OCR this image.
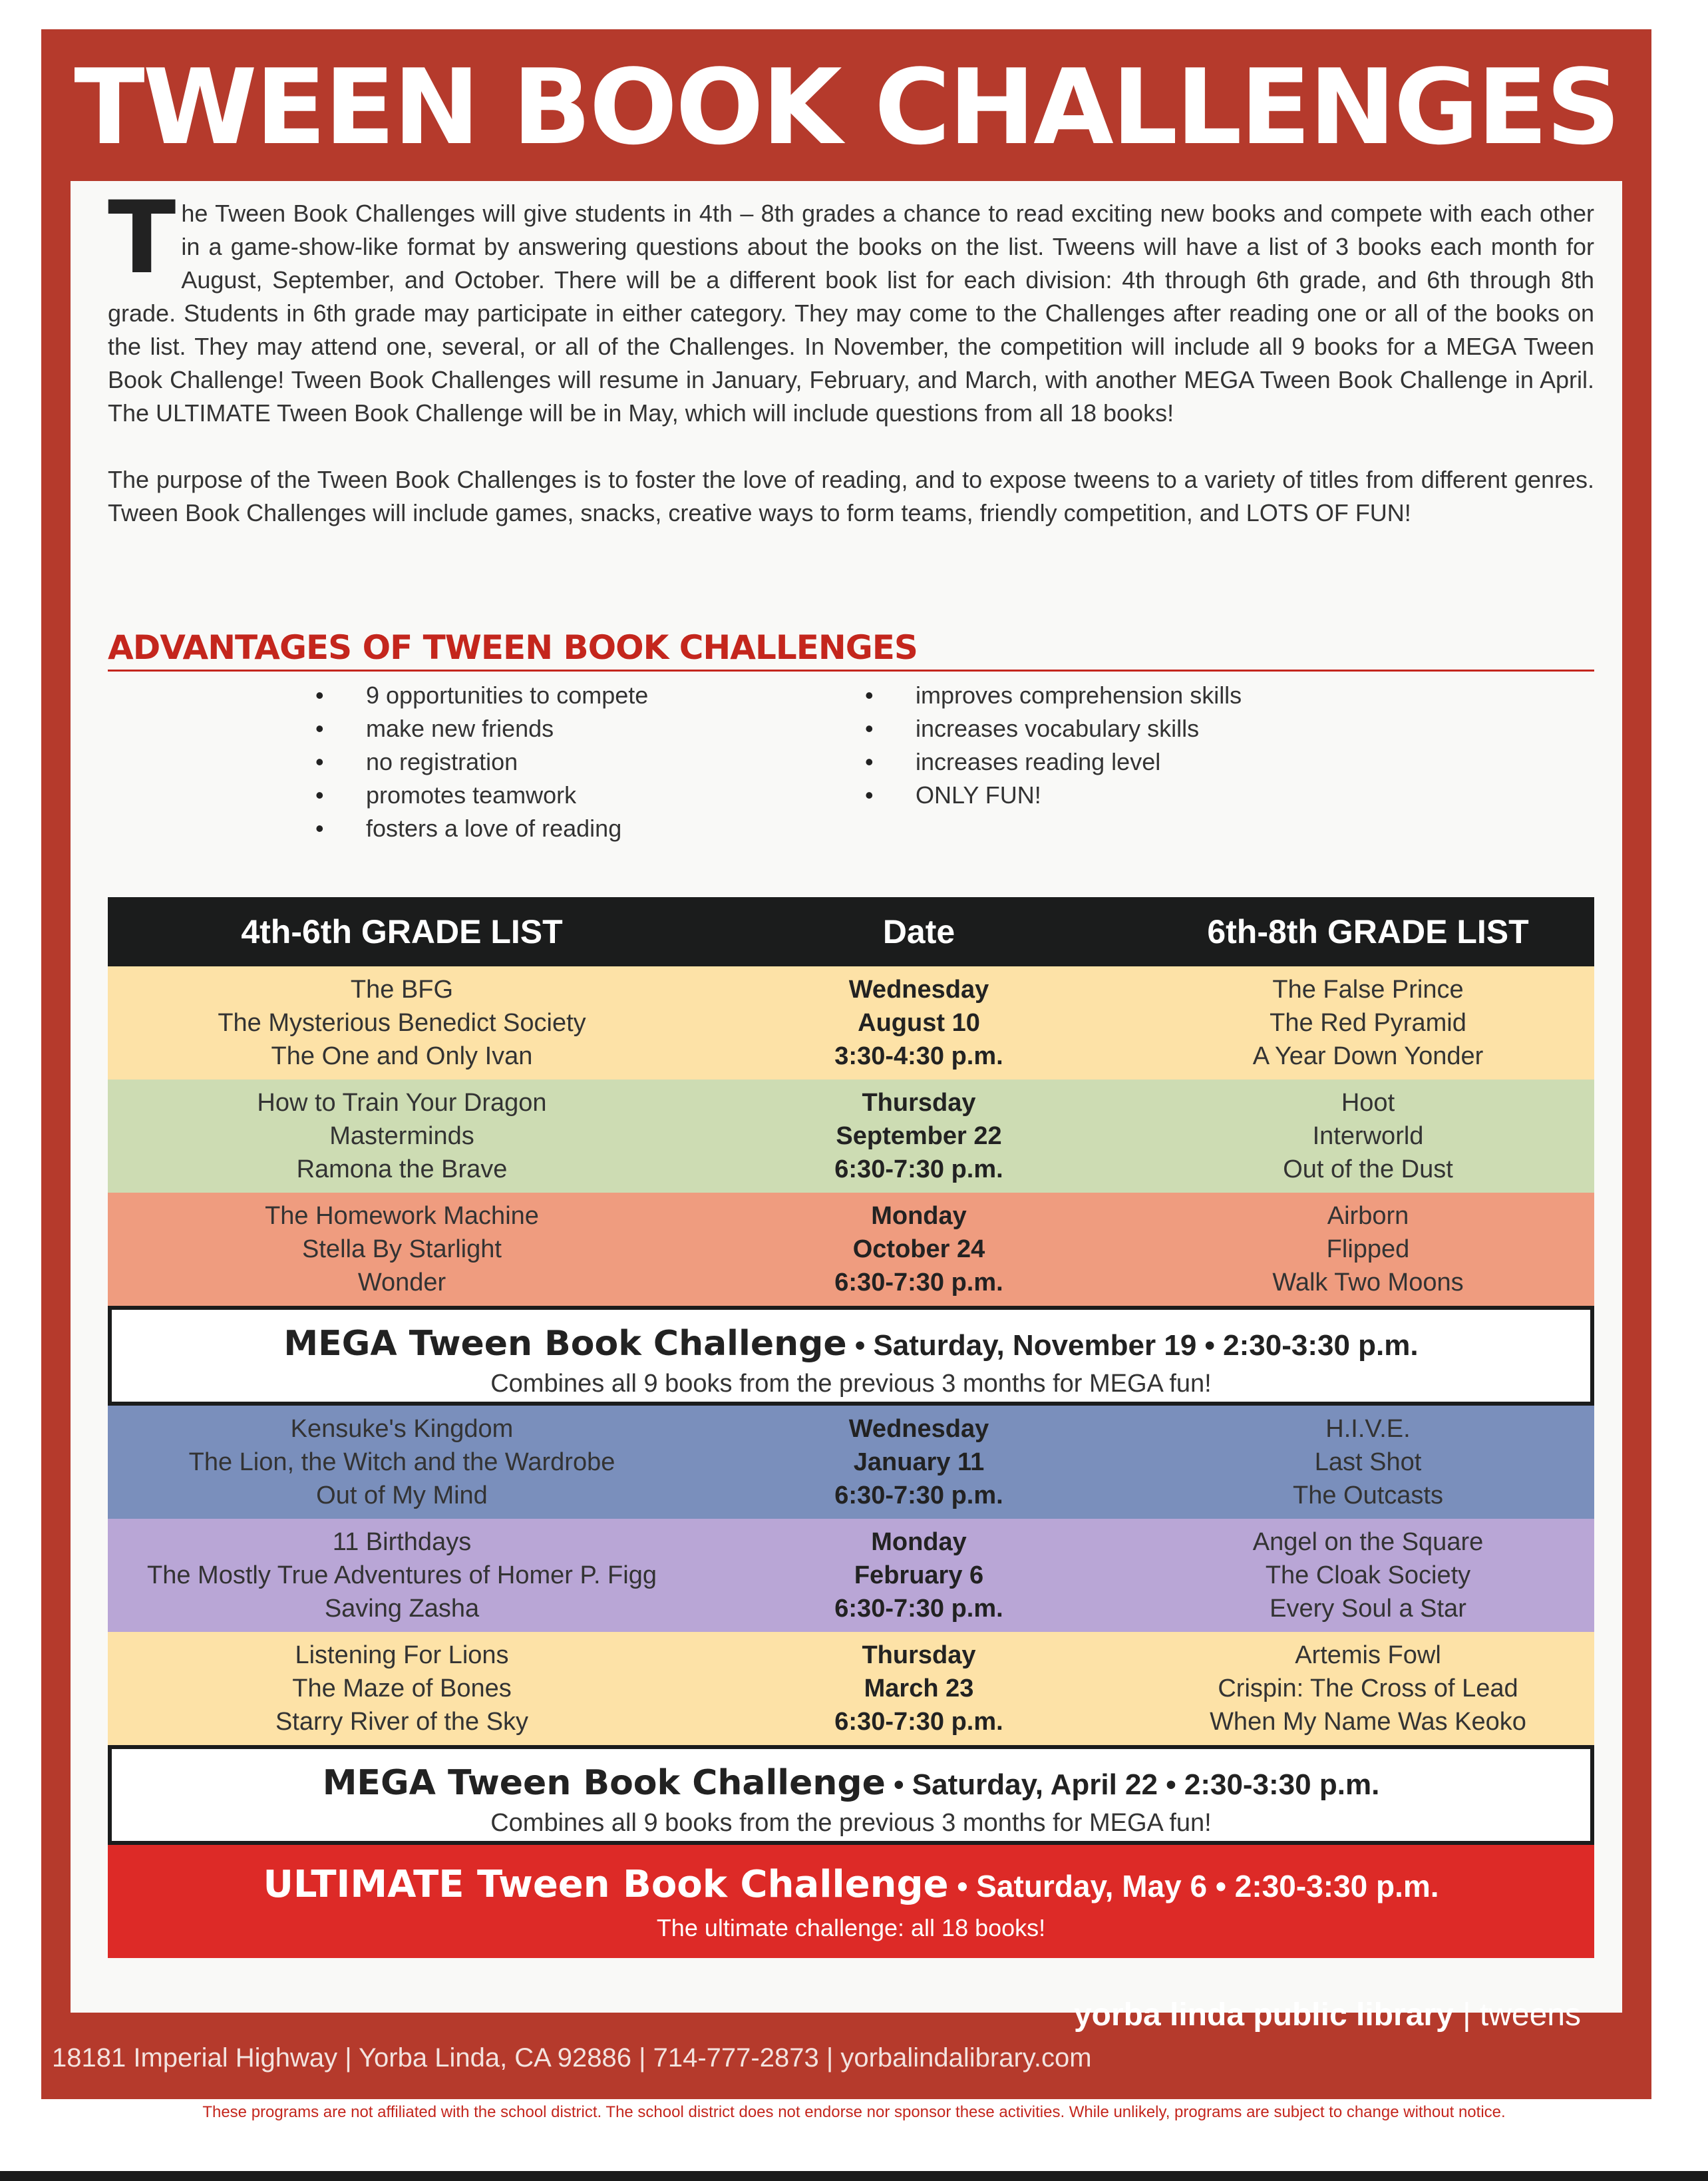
TWEEN BOOK CHALLENGES

The Tween Book Challenges will give students in 4th – 8th grades a chance to read exciting new books and compete with each other in a game-show-like format by answering questions about the books on the list. Tweens will have a list of 3 books each month for August, September, and October. There will be a different book list for each division: 4th through 6th grade, and 6th through 8th grade. Students in 6th grade may participate in either category. They may come to the Challenges after reading one or all of the books on the list. They may attend one, several, or all of the Challenges. In November, the competition will include all 9 books for a MEGA Tween Book Challenge! Tween Book Challenges will resume in January, February, and March, with another MEGA Tween Book Challenge in April. The ULTIMATE Tween Book Challenge will be in May, which will include questions from all 18 books!

The purpose of the Tween Book Challenges is to foster the love of reading, and to expose tweens to a variety of titles from different genres. Tween Book Challenges will include games, snacks, creative ways to form teams, friendly competition, and LOTS OF FUN!

ADVANTAGES OF TWEEN BOOK CHALLENGES
• 9 opportunities to compete
• make new friends
• no registration
• promotes teamwork
• fosters a love of reading
• improves comprehension skills
• increases vocabulary skills
• increases reading level
• ONLY FUN!
4th-6th GRADE LIST	Date	6th-8th GRADE LIST
The BFG
The Mysterious Benedict Society
The One and Only Ivan
Wednesday
August 10
3:30-4:30 p.m.
The False Prince
The Red Pyramid
A Year Down Yonder
How to Train Your Dragon
Masterminds
Ramona the Brave
Thursday
September 22
6:30-7:30 p.m.
Hoot
Interworld
Out of the Dust
The Homework Machine
Stella By Starlight
Wonder
Monday
October 24
6:30-7:30 p.m.
Airborn
Flipped
Walk Two Moons
MEGA Tween Book Challenge • Saturday, November 19 • 2:30-3:30 p.m.
Combines all 9 books from the previous 3 months for MEGA fun!
Kensuke's Kingdom
The Lion, the Witch and the Wardrobe
Out of My Mind
Wednesday
January 11
6:30-7:30 p.m.
H.I.V.E.
Last Shot
The Outcasts
11 Birthdays
The Mostly True Adventures of Homer P. Figg
Saving Zasha
Monday
February 6
6:30-7:30 p.m.
Angel on the Square
The Cloak Society
Every Soul a Star
Listening For Lions
The Maze of Bones
Starry River of the Sky
Thursday
March 23
6:30-7:30 p.m.
Artemis Fowl
Crispin: The Cross of Lead
When My Name Was Keoko
MEGA Tween Book Challenge • Saturday, April 22 • 2:30-3:30 p.m.
Combines all 9 books from the previous 3 months for MEGA fun!
ULTIMATE Tween Book Challenge • Saturday, May 6 • 2:30-3:30 p.m.
The ultimate challenge: all 18 books!
yorba linda public library | tweens
18181 Imperial Highway | Yorba Linda, CA 92886 | 714-777-2873 | yorbalindalibrary.com
These programs are not affiliated with the school district. The school district does not endorse nor sponsor these activities. While unlikely, programs are subject to change without notice.
